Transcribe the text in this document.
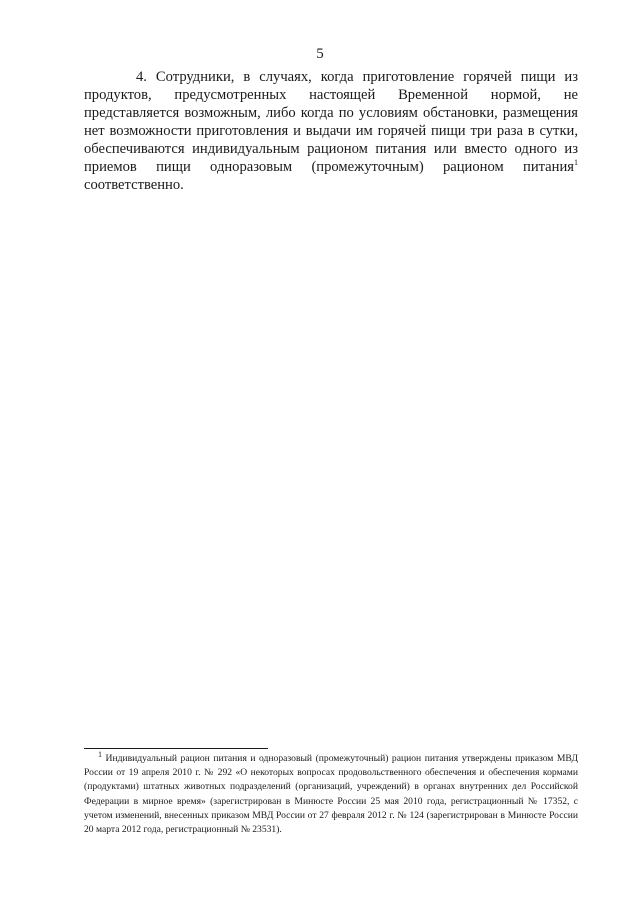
5

4. Сотрудники, в случаях, когда приготовление горячей пищи из продуктов, предусмотренных настоящей Временной нормой, не представляется возможным, либо когда по условиям обстановки, размещения нет возможности приготовления и выдачи им горячей пищи три раза в сутки, обеспечиваются индивидуальным рационом питания или вместо одного из приемов пищи одноразовым (промежуточным) рационом питания$^1$ соответственно.

$^1$ Индивидуальный рацион питания и одноразовый (промежуточный) рацион питания утверждены приказом МВД России от 19 апреля 2010 г. № 292 «О некоторых вопросах продовольственного обеспечения и обеспечения кормами (продуктами) штатных животных подразделений (организаций, учреждений) в органах внутренних дел Российской Федерации в мирное время» (зарегистрирован в Минюсте России 25 мая 2010 года, регистрационный № 17352, с учетом изменений, внесенных приказом МВД России от 27 февраля 2012 г. № 124 (зарегистрирован в Минюсте России 20 марта 2012 года, регистрационный № 23531).
